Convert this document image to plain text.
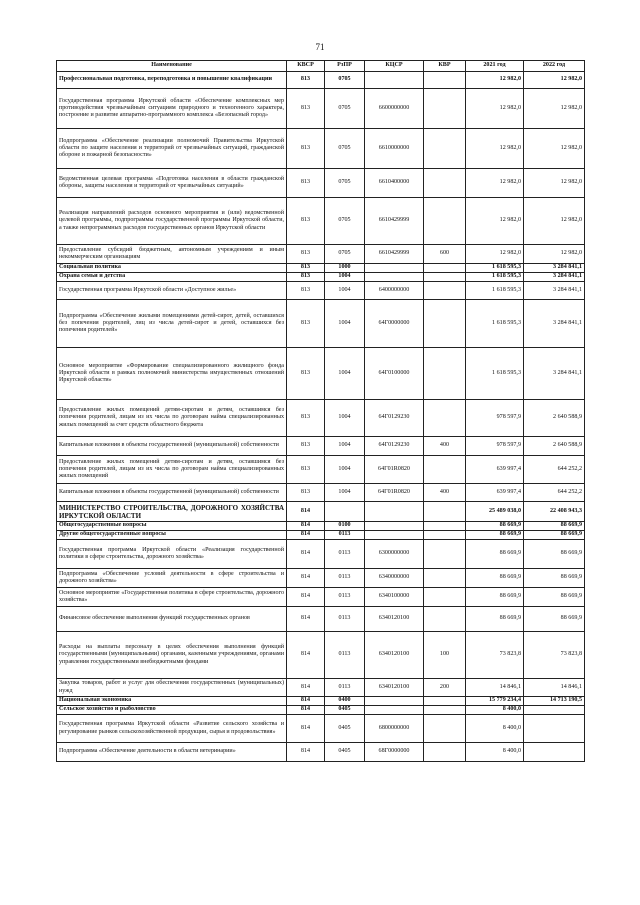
71
Наименование	КВСР	РзПР	КЦСР	КВР	2021 год	2022 год
Профессиональная подготовка, переподготовка и повышение квалификации	813	0705			12 982,0	12 982,0
Государственная программа Иркутской области «Обеспечение комплексных мер противодействия чрезвычайным ситуациям природного и техногенного характера, построение и развитие аппаратно-программного комплекса «Безопасный город»	813	0705	6600000000		12 982,0	12 982,0
Подпрограмма «Обеспечение реализации полномочий Правительства Иркутской области по защите населения и территорий от чрезвычайных ситуаций, гражданской обороне и пожарной безопасности»	813	0705	6610000000		12 982,0	12 982,0
Ведомственная целевая программа «Подготовка населения в области гражданской обороны, защиты населения и территорий от чрезвычайных ситуаций»	813	0705	6610400000		12 982,0	12 982,0
Реализация направлений расходов основного мероприятия и (или) ведомственной целевой программы, подпрограммы государственной программы Иркутской области, а также непрограммных расходов государственных органов Иркутской области	813	0705	6610429999		12 982,0	12 982,0
Предоставление субсидий бюджетным, автономным учреждениям и иным некоммерческим организациям	813	0705	6610429999	600	12 982,0	12 982,0
Социальная политика	813	1000			1 618 595,3	3 284 841,1
Охрана семьи и детства	813	1004			1 618 595,3	3 284 841,1
Государственная программа Иркутской области «Доступное жилье»	813	1004	6400000000		1 618 595,3	3 284 841,1
Подпрограмма «Обеспечение жилыми помещениями детей-сирот, детей, оставшихся без попечения родителей, лиц из числа детей-сирот и детей, оставшихся без попечения родителей»	813	1004	64Г0000000		1 618 595,3	3 284 841,1
Основное мероприятие «Формирование специализированного жилищного фонда Иркутской области в рамках полномочий министерства имущественных отношений Иркутской области»	813	1004	64Г0100000		1 618 595,3	3 284 841,1
Предоставление жилых помещений детям-сиротам и детям, оставшимся без попечения родителей, лицам из их числа по договорам найма специализированных жилых помещений за счет средств областного бюджета	813	1004	64Г0129230		978 597,9	2 640 588,9
Капитальные вложения в объекты государственной (муниципальной) собственности	813	1004	64Г0129230	400	978 597,9	2 640 588,9
Предоставление жилых помещений детям-сиротам и детям, оставшимся без попечения родителей, лицам из их числа по договорам найма специализированных жилых помещений	813	1004	64Г01R0820		639 997,4	644 252,2
Капитальные вложения в объекты государственной (муниципальной) собственности	813	1004	64Г01R0820	400	639 997,4	644 252,2
МИНИСТЕРСТВО СТРОИТЕЛЬСТВА, ДОРОЖНОГО ХОЗЯЙСТВА ИРКУТСКОЙ ОБЛАСТИ	814				25 489 038,0	22 408 943,3
Общегосударственные вопросы	814	0100			88 669,9	88 669,9
Другие общегосударственные вопросы	814	0113			88 669,9	88 669,9
Государственная программа Иркутской области «Реализация государственной политики в сфере строительства, дорожного хозяйства»	814	0113	6300000000		88 669,9	88 669,9
Подпрограмма «Обеспечение условий деятельности в сфере строительства и дорожного хозяйства»	814	0113	6340000000		88 669,9	88 669,9
Основное мероприятие «Государственная политика в сфере строительства, дорожного хозяйства»	814	0113	6340100000		88 669,9	88 669,9
Финансовое обеспечение выполнения функций государственных органов	814	0113	6340120100		88 669,9	88 669,9
Расходы на выплаты персоналу в целях обеспечения выполнения функций государственными (муниципальными) органами, казенными учреждениями, органами управления государственными внебюджетными фондами	814	0113	6340120100	100	73 823,8	73 823,8
Закупка товаров, работ и услуг для обеспечения государственных (муниципальных) нужд	814	0113	6340120100	200	14 846,1	14 846,1
Национальная экономика	814	0400			15 779 234,4	14 713 190,5
Сельское хозяйство и рыболовство	814	0405			8 400,0	
Государственная программа Иркутской области «Развитие сельского хозяйства и регулирование рынков сельскохозяйственной продукции, сырья и продовольствия»	814	0405	6800000000		8 400,0	
Подпрограмма «Обеспечение деятельности в области ветеринарии»	814	0405	68Г0000000		8 400,0	
